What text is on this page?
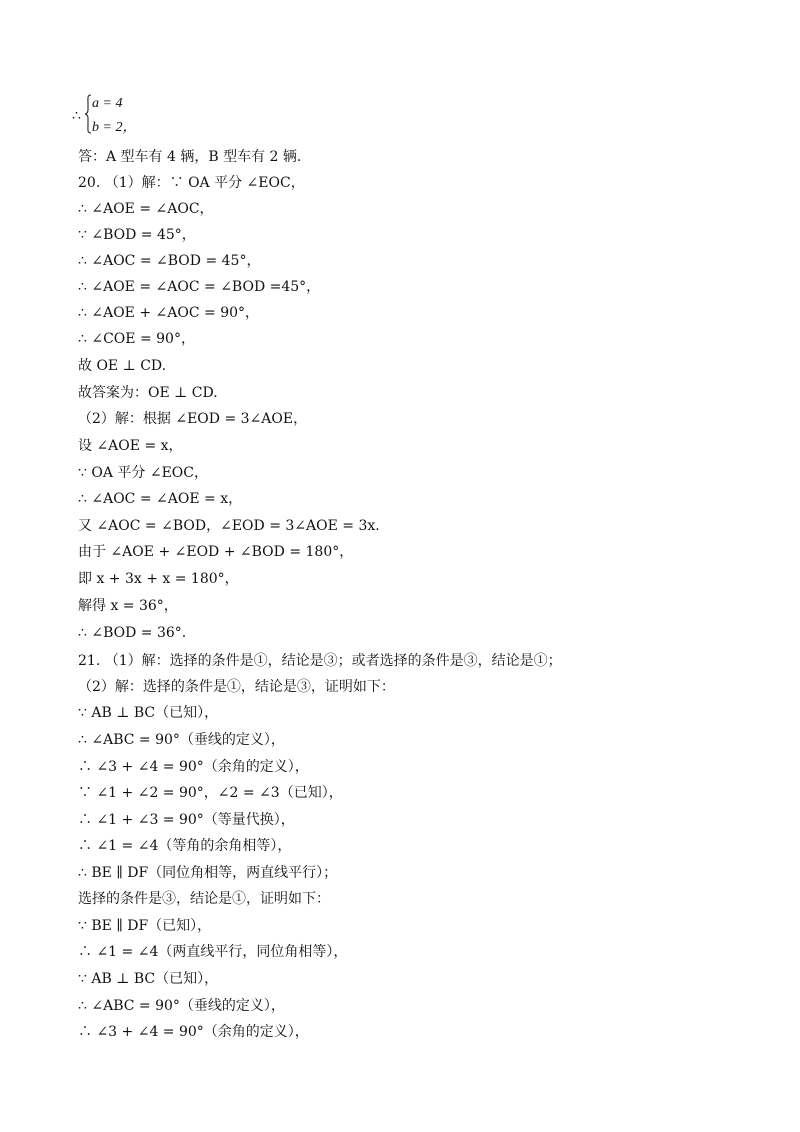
∴
a = 4
b = 2，
答：A 型车有 4 辆，B 型车有 2 辆.
20. （1）解：∵ OA 平分 ∠EOC，
∴ ∠AOE = ∠AOC，
∵ ∠BOD = 45°，
∴ ∠AOC = ∠BOD = 45°，
∴ ∠AOE = ∠AOC = ∠BOD =45°，
∴ ∠AOE + ∠AOC = 90°，
∴ ∠COE = 90°，
故 OE ⊥ CD.
故答案为：OE ⊥ CD.
（2）解：根据 ∠EOD = 3∠AOE，
设 ∠AOE = x，
∵ OA 平分 ∠EOC，
∴ ∠AOC = ∠AOE = x，
又 ∠AOC = ∠BOD，∠EOD = 3∠AOE = 3x.
由于 ∠AOE + ∠EOD + ∠BOD = 180°，
即 x + 3x + x = 180°，
解得 x = 36°，
∴ ∠BOD = 36°.
21. （1）解：选择的条件是①，结论是③；或者选择的条件是③，结论是①；
（2）解：选择的条件是①，结论是③，证明如下：
∵ AB ⊥ BC（已知），
∴ ∠ABC = 90°（垂线的定义），
∴ ∠3 + ∠4 = 90°（余角的定义），
∵ ∠1 + ∠2 = 90°，∠2 = ∠3（已知），
∴ ∠1 + ∠3 = 90°（等量代换），
∴ ∠1 = ∠4（等角的余角相等），
∴ BE ∥ DF（同位角相等，两直线平行）；
选择的条件是③，结论是①，证明如下：
∵ BE ∥ DF（已知），
∴ ∠1 = ∠4（两直线平行，同位角相等），
∵ AB ⊥ BC（已知），
∴ ∠ABC = 90°（垂线的定义），
∴ ∠3 + ∠4 = 90°（余角的定义），
